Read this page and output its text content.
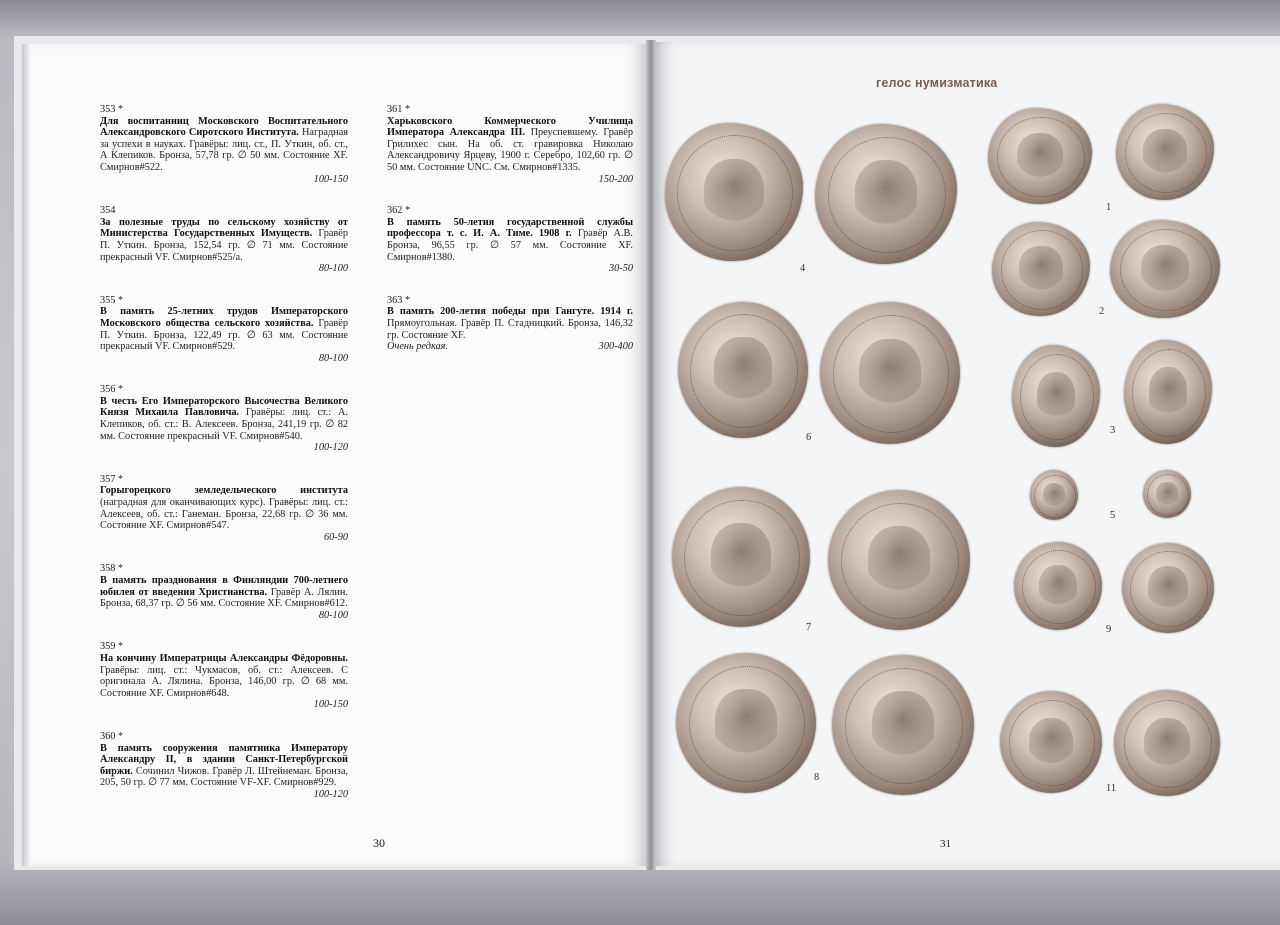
353 *
Для воспитанниц Московского Воспитательного Александровского Сиротского Института. Наградная за успехи в науках. Гравёры: лиц. ст., П. Уткин, об. ст., А Клепиков. Бронза, 57,78 гр. ∅ 50 мм. Состояние XF. Смирнов#522.
100-150
354
За полезные труды по сельскому хозяйству от Министерства Государственных Имуществ. Гравёр П. Уткин. Бронза, 152,54 гр. ∅ 71 мм. Состояние прекрасный VF. Смирнов#525/а.
80-100
355 *
В память 25-летних трудов Императорского Московского общества сельского хозяйства. Гравёр П. Уткин. Бронза, 122,49 гр. ∅ 63 мм. Состояние прекрасный VF. Смирнов#529.
80-100
356 *
В честь Его Императорского Высочества Великого Князя Михаила Павловича. Гравёры: лиц. ст.: А. Клепиков, об. ст.: В. Алексеев. Бронза, 241,19 гр. ∅ 82 мм. Состояние прекрасный VF. Смирнов#540.
100-120
357 *
Горыгорецкого земледельческого института (наградная для оканчивающих курс). Гравёры: лиц. ст.: Алексеев, об. ст.: Ганеман. Бронза, 22,68 гр. ∅ 36 мм. Состояние XF. Смирнов#547.
60-90
358 *
В память празднования в Финляндии 700-летнего юбилея от введения Христианства. Гравёр А. Лялин. Бронза, 68,37 гр. ∅ 56 мм. Состояние XF. Смирнов#612.
80-100
359 *
На кончину Императрицы Александры Фёдоровны. Гравёры: лиц. ст.: Чукмасов, об. ст.: Алексеев. С оригинала А. Лялина. Бронза, 146,00 гр. ∅ 68 мм. Состояние XF. Смирнов#648.
100-150
360 *
В память сооружения памятника Императору Александру II, в здании Санкт-Петербургской биржи. Сочинил Чижов. Гравёр Л. Штейнеман. Бронза, 205, 50 гр. ∅ 77 мм. Состояние VF-XF. Смирнов#929.
100-120
361 *
Харьковского Коммерческого Училища Императора Александра III. Преуспевшему. Гравёр Грилихес сын. На об. ст. гравировка Николаю Александровичу Ярцеву, 1900 г. Серебро, 102,60 гр. ∅ 50 мм. Состояние UNC. См. Смирнов#1335.
150-200
362 *
В память 50-летия государственной службы профессора т. с. И. А. Тиме. 1908 г. Гравёр А.В. Бронза, 96,55 гр. ∅ 57 мм. Состояние XF. Смирнов#1380.
30-50
363 *
В память 200-летия победы при Гангуте. 1914 г. Прямоугольная. Гравёр П. Стадницкий. Бронза, 146,32 гр. Состояние XF.
Очень редкая.	300-400
30
гелос нумизматика
4
1
2
6
3
5
7	9
8
11
31
